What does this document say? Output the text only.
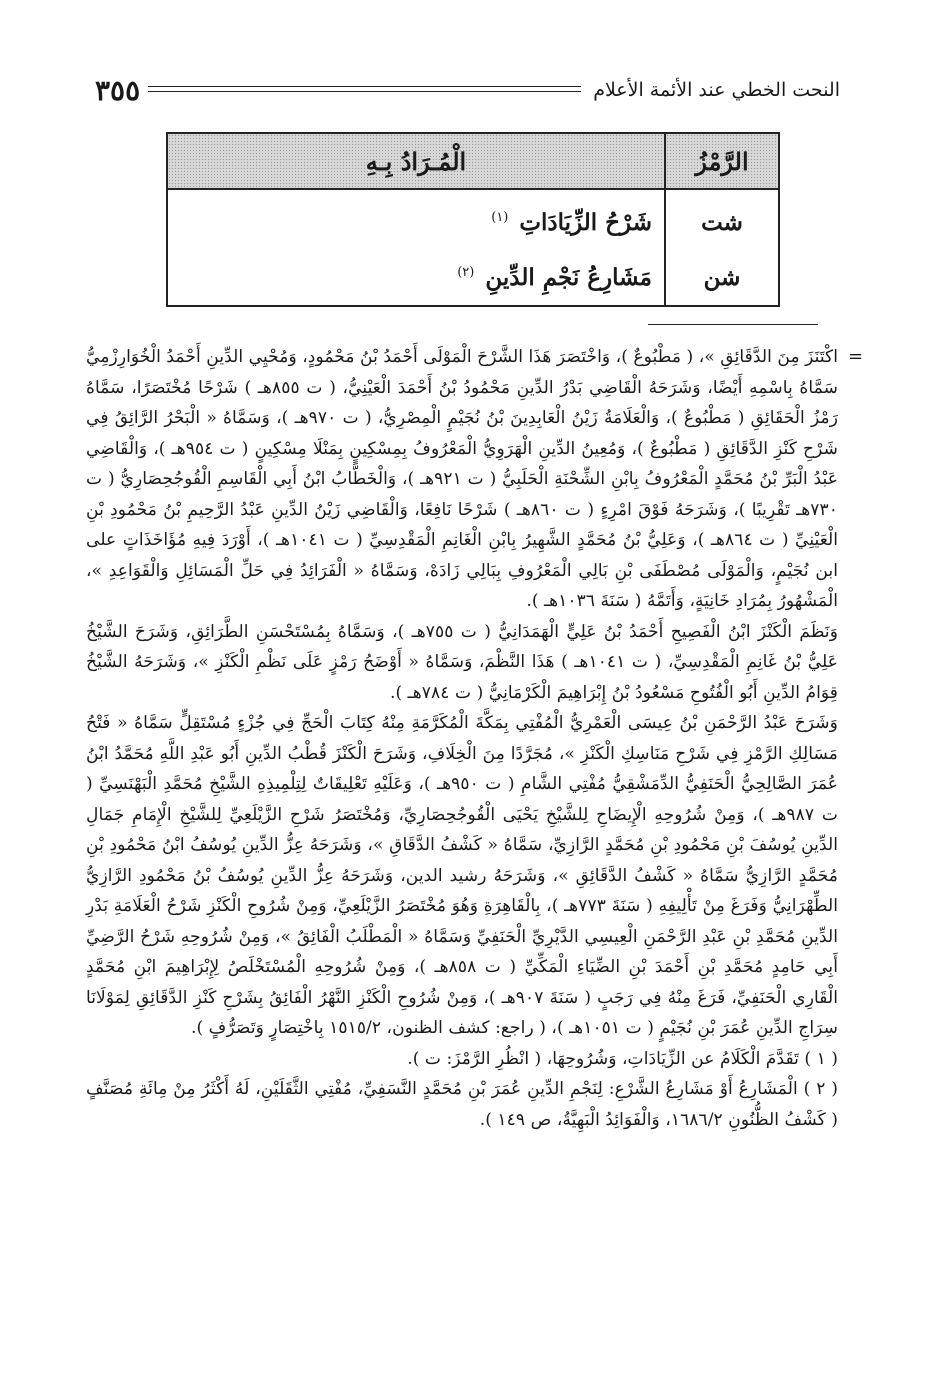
النحت الخطي عند الأئمة الأعلام
٣٥٥
الرَّمْزُ	الْمُـرَادُ بِـهِ
شت	شَرْحُ الزِّيَادَاتِ $^{(١)}$
شن	مَشَارِعُ نَجْمِ الدِّينِ $^{(٢)}$
=

اكْتَنَزَ مِنَ الدَّقَائِقِ »، ( مَطْبُوعٌ )، وَاخْتَصَرَ هَذَا الشَّرْحَ الْمَوْلَى أَحْمَدُ بْنُ مَحْمُودٍ، وَمُحْيِي الدِّينِ أَحْمَدُ الْخُوَارِزْمِيُّ سَمَّاهُ بِاسْمِهِ أَيْضًا، وَشَرَحَهُ الْقَاضِي بَدْرُ الدِّينِ مَحْمُودُ بْنُ أَحْمَدَ الْعَيْنِيُّ، ( ت ٨٥٥هـ ) شَرْحًا مُخْتَصَرًا، سَمَّاهُ رَمْزُ الْحَقَائِقِ ( مَطْبُوعٌ )، وَالْعَلَامَةُ زَيْنُ الْعَابِدِينَ بْنُ نُجَيْمٍ الْمِصْرِيُّ، ( ت ٩٧٠هـ )، وَسَمَّاهُ « الْبَحْرُ الرَّائِقُ فِي شَرْحِ كَنْزِ الدَّقَائِقِ ( مَطْبُوعٌ )، وَمُعِينُ الدِّينِ الْهَرَوِيُّ الْمَعْرُوفُ بِمِسْكِينٍ بِمَنْلَا مِسْكِينٍ ( ت ٩٥٤هـ )، وَالْقَاضِي عَبْدُ الْبَرِّ بْنُ مُحَمَّدٍ الْمَعْرُوفُ بِابْنِ الشِّحْنَةِ الْحَلَبِيُّ ( ت ٩٢١هـ )، وَالْخَطَّابُ ابْنُ أَبِي الْقَاسِمِ الْقُوجُحِصَارِيُّ ( ت ٧٣٠هـ تَقْرِيبًا )، وَشَرَحَهُ فَوْقَ امْرِءٍ ( ت ٨٦٠هـ ) شَرْحًا نَافِعًا، وَالْقَاضِي زَيْنُ الدِّينِ عَبْدُ الرَّحِيمِ بْنُ مَحْمُودِ بْنِ الْعَيْنِيِّ ( ت ٨٦٤هـ )، وَعَلِيُّ بْنُ مُحَمَّدٍ الشَّهِيرُ بِابْنِ الْغَانِمِ الْمَقْدِسِيِّ ( ت ١٠٤١هـ )، أَوْرَدَ فِيهِ مُؤَاخَذَاتٍ على ابن نُجَيْمٍ، وَالْمَوْلَى مُصْطَفَى بْنِ بَالِي الْمَعْرُوفِ بِبَالِي زَادَهْ، وَسَمَّاهُ « الْفَرَائِدُ فِي حَلِّ الْمَسَائِلِ وَالْقَوَاعِدِ »، الْمَشْهُورُ بِمُرَادِ خَانِيَةٍ، وَأَتَمَّهُ ( سَنَةَ ١٠٣٦هـ ).

وَنَظَمَ الْكَنْزَ ابْنُ الْفَصِيحِ أَحْمَدُ بْنُ عَلِيٍّ الْهَمَدَانِيُّ ( ت ٧٥٥هـ )، وَسَمَّاهُ بِمُسْتَحْسَنِ الطَّرَائِقِ، وَشَرَحَ الشَّيْخُ عَلِيُّ بْنُ غَانِمِ الْمَقْدِسِيِّ، ( ت ١٠٤١هـ ) هَذَا النَّظْمَ، وَسَمَّاهُ « أَوْضَحُ رَمْزٍ عَلَى نَظْمِ الْكَنْزِ »، وَشَرَحَهُ الشَّيْخُ قِوَامُ الدِّينِ أَبُو الْفُتُوحِ مَسْعُودُ بْنُ إِبْرَاهِيمَ الْكَرْمَانِيُّ ( ت ٧٨٤هـ ).

وَشَرَحَ عَبْدُ الرَّحْمَنِ بْنُ عِيسَى الْعَمْرِيُّ الْمُفْتِي بِمَكَّةَ الْمُكَرَّمَةِ مِنْهُ كِتَابَ الْحَجِّ فِي جُزْءٍ مُسْتَقِلٍّ سَمَّاهُ « فَتْحُ مَسَالِكِ الرَّمْزِ فِي شَرْحِ مَنَاسِكِ الْكَنْزِ »، مُجَرَّدًا مِنَ الْخِلَافِ، وَشَرَحَ الْكَنْزَ قُطْبُ الدِّينِ أَبُو عَبْدِ اللَّهِ مُحَمَّدُ ابْنُ عُمَرَ الصَّالِحِيُّ الْحَنَفِيُّ الدِّمَشْقِيُّ مُفْتِي الشَّامِ ( ت ٩٥٠هـ )، وَعَلَيْهِ تَعْلِيقَاتٌ لِتِلْمِيذِهِ الشَّيْخِ مُحَمَّدِ الْبَهْنَسِيِّ ( ت ٩٨٧هـ )، وَمِنْ شُرُوحِهِ الْإِيضَاحِ لِلشَّيْخِ يَحْيَى الْقُوجُحِصَارِيِّ، وَمُخْتَصَرُ شَرْحِ الزَّيْلَعِيِّ لِلشَّيْخِ الْإِمَامِ جَمَالِ الدِّينِ يُوسُفَ بْنِ مَحْمُودِ بْنِ مُحَمَّدٍ الرَّازِيِّ، سَمَّاهُ « كَشْفُ الدَّقَاقِ »، وَشَرَحَهُ عِزُّ الدِّينِ يُوسُفُ ابْنُ مَحْمُودِ بْنِ مُحَمَّدٍ الرَّازِيُّ سَمَّاهُ « كَشْفُ الدَّقَائِقِ »، وَشَرَحَهُ رشيد الدين، وَشَرَحَهُ عِزُّ الدِّينِ يُوسُفُ بْنُ مَحْمُودِ الرَّازِيُّ الطِّهْرَانِيُّ وَفَرَغَ مِنْ تَأْلِيفِهِ ( سَنَةَ ٧٧٣هـ )، بِالْقَاهِرَةِ وَهُوَ مُخْتَصَرُ الزَّيْلَعِيِّ، وَمِنْ شُرُوحِ الْكَنْزِ شَرْحُ الْعَلَامَةِ بَدْرِ الدِّينِ مُحَمَّدِ بْنِ عَبْدِ الرَّحْمَنِ الْعِيسِي الدَّيْرِيِّ الْحَنَفِيِّ وَسَمَّاهُ « الْمَطْلَبُ الْفَائِقُ »، وَمِنْ شُرُوحِهِ شَرْحُ الرَّضِيِّ أَبِي حَامِدٍ مُحَمَّدِ بْنِ أَحْمَدَ بْنِ الضِّيَاءِ الْمَكِّيِّ ( ت ٨٥٨هـ )، وَمِنْ شُرُوحِهِ الْمُسْتَخْلَصُ لِإِبْرَاهِيمَ ابْنِ مُحَمَّدٍ الْقَارِي الْحَنَفِيِّ، فَرَغَ مِنْهُ فِي رَجَبٍ ( سَنَةَ ٩٠٧هـ )، وَمِنْ شُرُوحِ الْكَنْزِ النَّهْرُ الْفَائِقُ بِشَرْحِ كَنْزِ الدَّقَائِقِ لِمَوْلَانَا سِرَاجِ الدِّينِ عُمَرَ بْنِ نُجَيْمٍ ( ت ١٠٥١هـ )، ( راجع: كشف الظنون، ١٥١٥/٢ بِاخْتِصَارٍ وَتَصَرُّفٍ ).

( ١ ) تَقَدَّمَ الْكَلَامُ عن الزِّيَادَاتِ، وَشُرُوحِهَا، ( انْظُرِ الرَّمْزَ: ت ).

( ٢ ) الْمَشَارِعُ أَوْ مَشَارِعُ الشَّرْعِ: لِنَجْمِ الدِّينِ عُمَرَ بْنِ مُحَمَّدٍ النَّسَفِيِّ، مُفْتِي الثَّقَلَيْنِ، لَهُ أَكْثَرُ مِنْ مِائَةِ مُصَنَّفٍ ( كَشْفُ الظُّنُونِ ١٦٨٦/٢، وَالْفَوَائِدُ الْبَهِيَّةُ، ص ١٤٩ ).
